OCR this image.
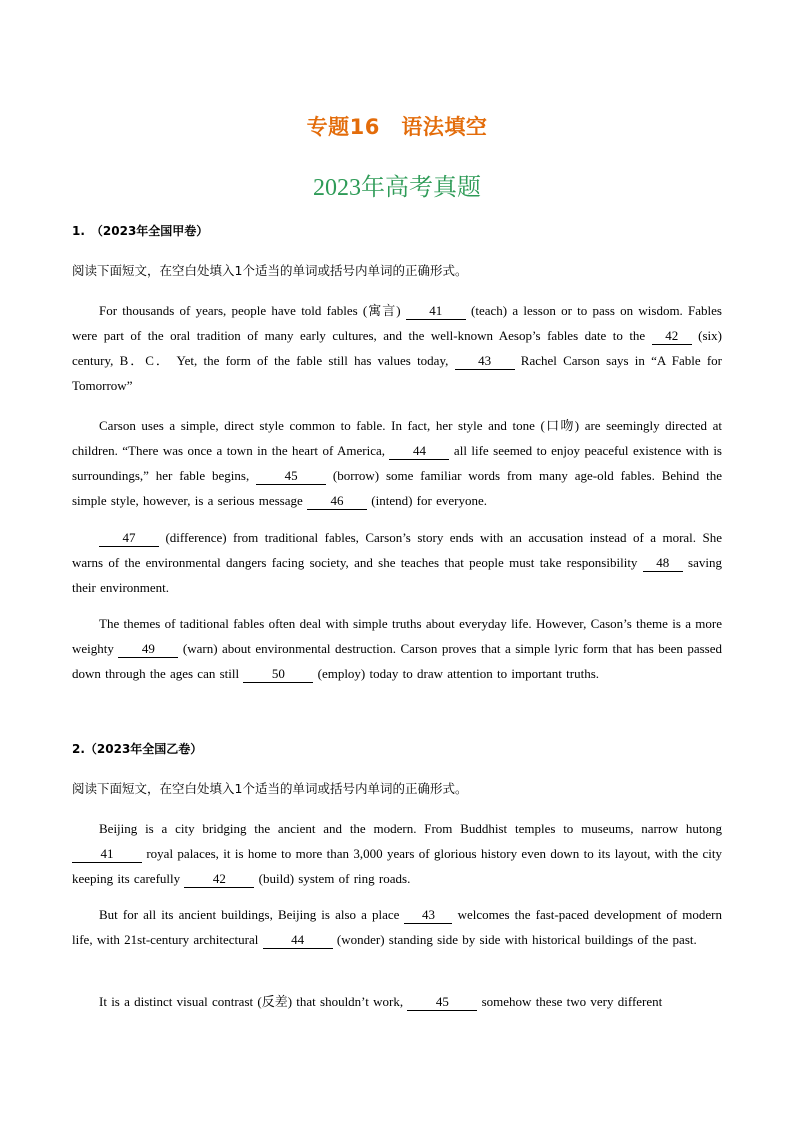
专题16　语法填空
2023年高考真题
1.　（2023年全国甲卷）
阅读下面短文，在空白处填入1个适当的单词或括号内单词的正确形式。
For thousands of years, people have told fables (寓言) 41 (teach) a lesson or to pass on wisdom. Fables were part of the oral tradition of many early cultures, and the well-known Aesop’s fables date to the 42 (six) century, B．C． Yet, the form of the fable still has values today, 43 Rachel Carson says in “A Fable for Tomorrow”
Carson uses a simple, direct style common to fable. In fact, her style and tone (口吻) are seemingly directed at children. “There was once a town in the heart of America, 44 all life seemed to enjoy peaceful existence with is surroundings,” her fable begins, 45 (borrow) some familiar words from many age-old fables. Behind the simple style, however, is a serious message 46 (intend) for everyone.
47 (difference) from traditional fables, Carson’s story ends with an accusation instead of a moral. She warns of the environmental dangers facing society, and she teaches that people must take responsibility 48 saving their environment.
The themes of taditional fables often deal with simple truths about everyday life. However, Cason’s theme is a more weighty 49 (warn) about environmental destruction. Carson proves that a simple lyric form that has been passed down through the ages can still 50 (employ) today to draw attention to important truths.
2.（2023年全国乙卷）
阅读下面短文，在空白处填入1个适当的单词或括号内单词的正确形式。
Beijing is a city bridging the ancient and the modern. From Buddhist temples to museums, narrow hutong 41 royal palaces, it is home to more than 3,000 years of glorious history even down to its layout, with the city keeping its carefully 42 (build) system of ring roads.
But for all its ancient buildings, Beijing is also a place 43 welcomes the fast-paced development of modern life, with 21st-century architectural 44 (wonder) standing side by side with historical buildings of the past.
It is a distinct visual contrast (反差) that shouldn’t work, 45 somehow these two very different
